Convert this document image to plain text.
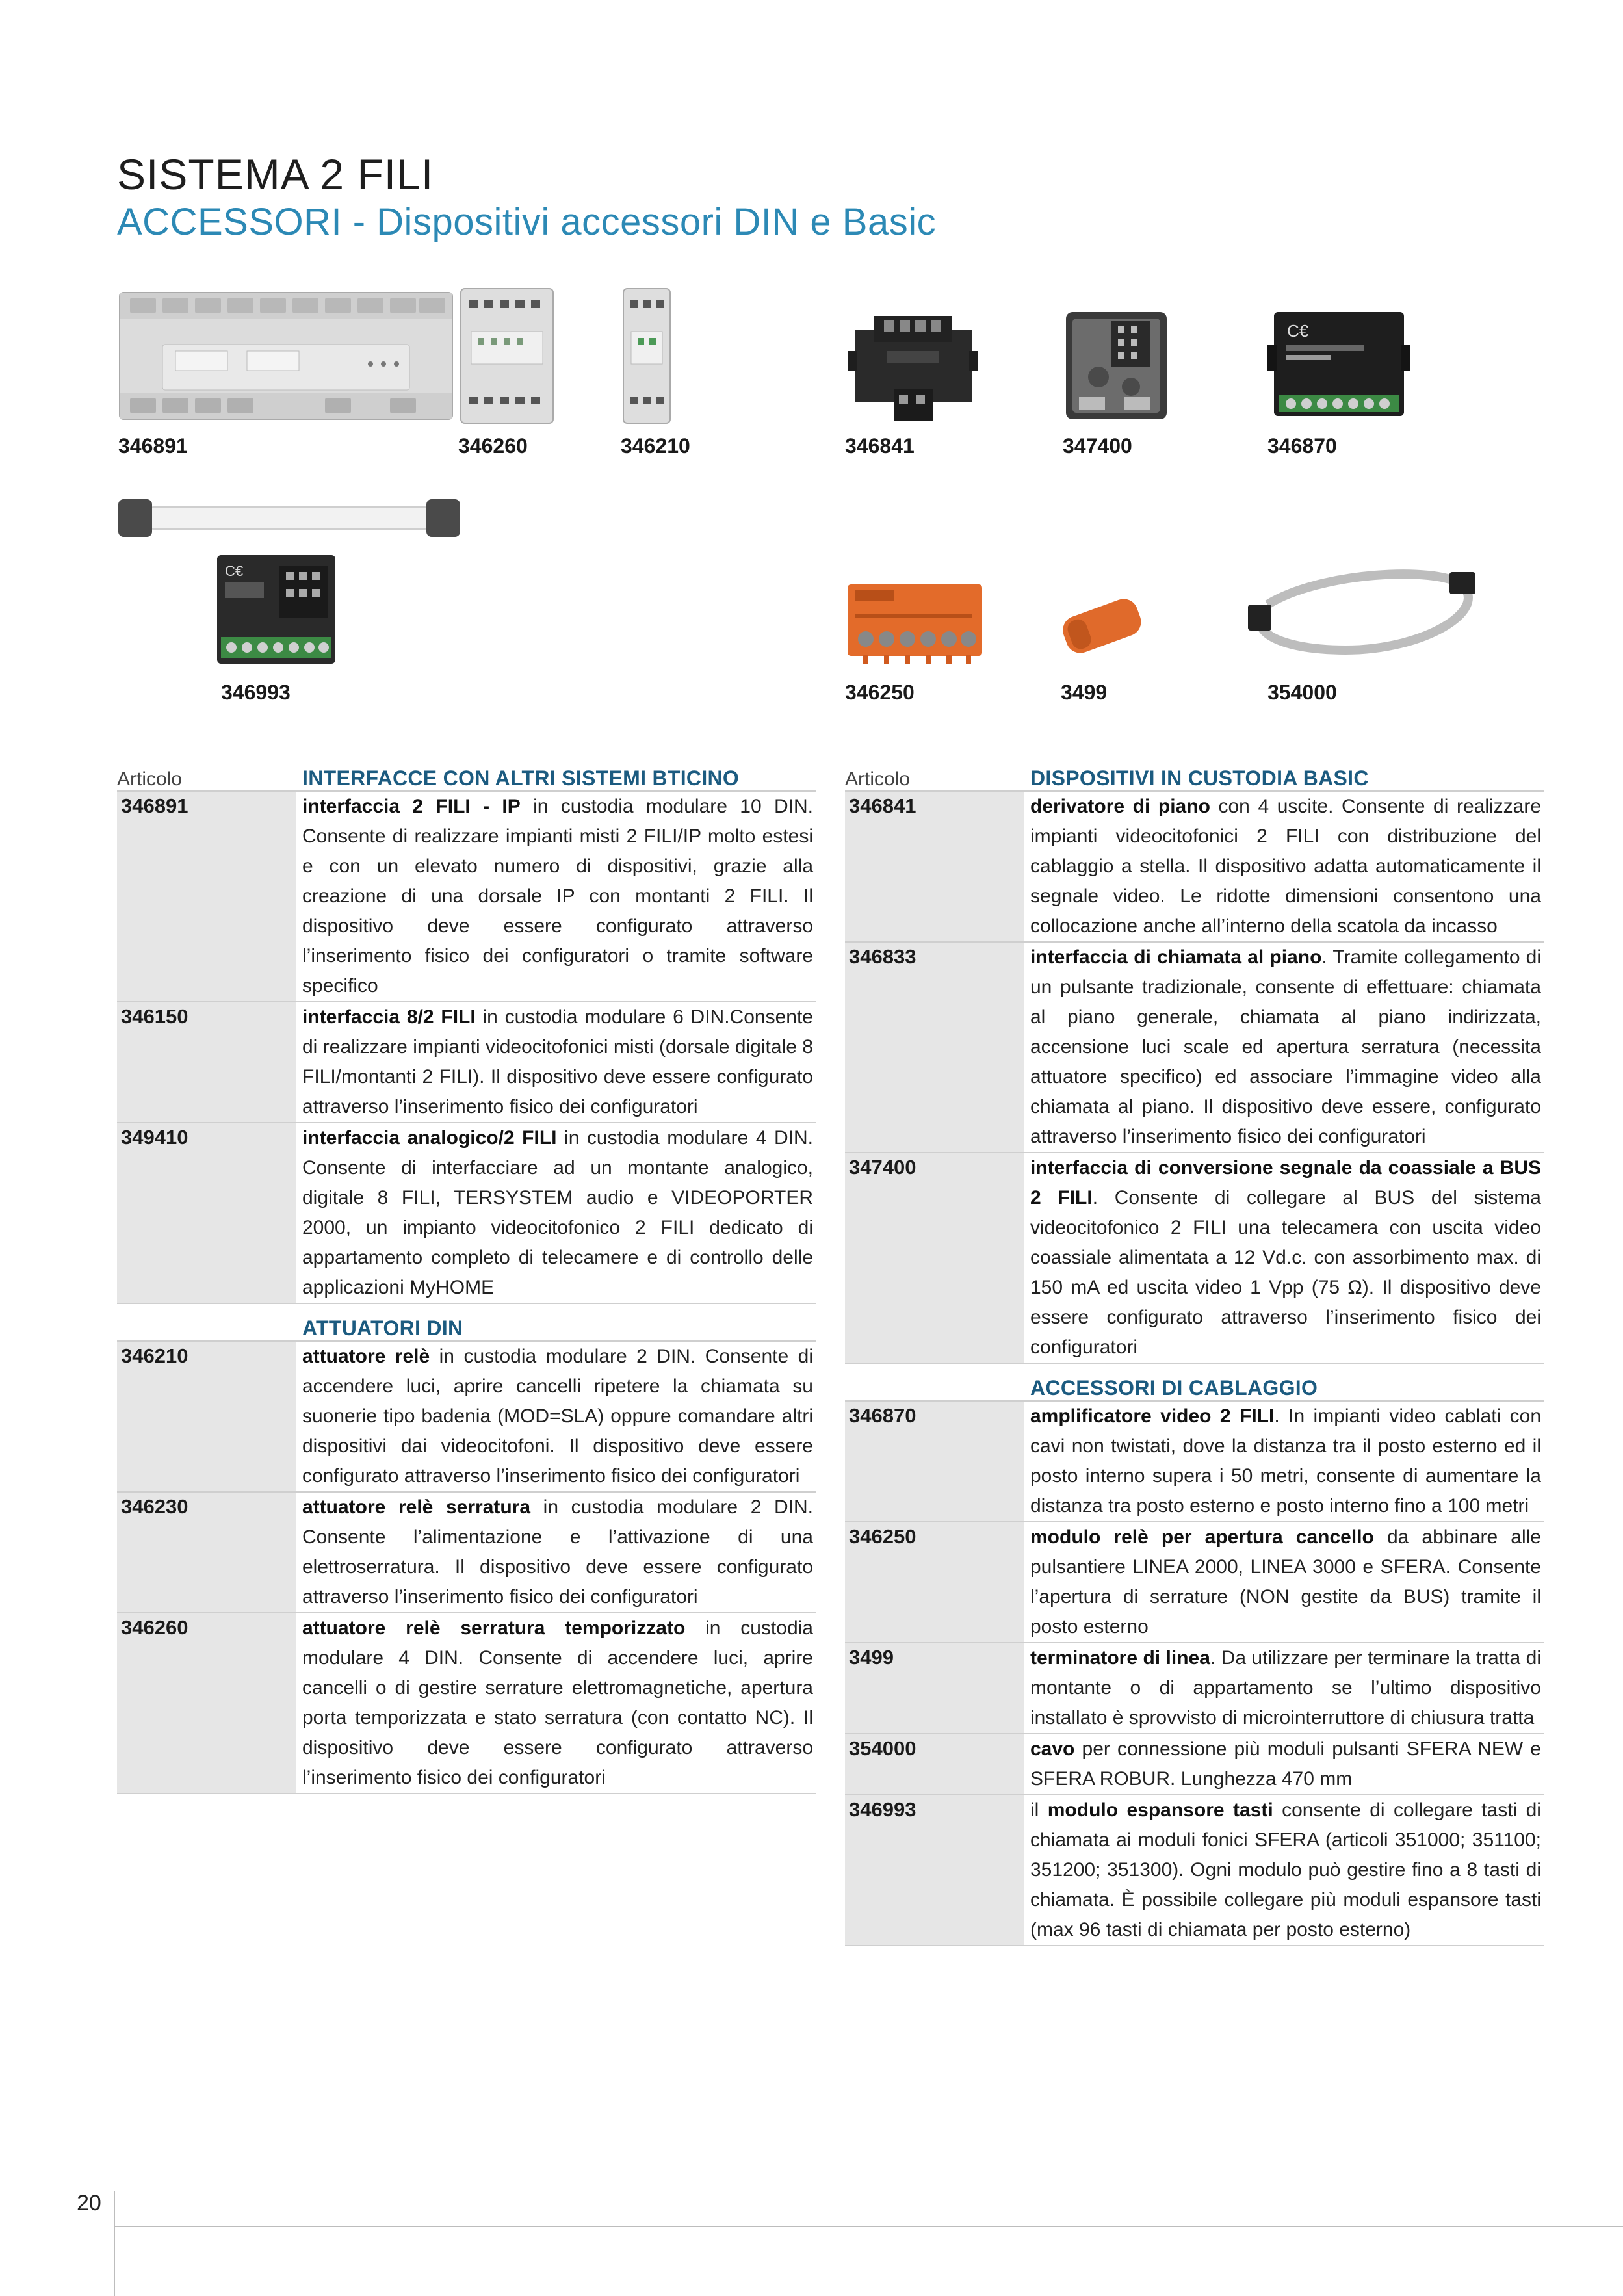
SISTEMA 2 FILI
ACCESSORI - Dispositivi accessori DIN e Basic
C€
C€
346891	346260	346210	346841	347400	346870
346993	346250	3499	354000
Articolo	INTERFACCE CON ALTRI SISTEMI BTICINO
346891	interfaccia 2 FILI - IP in custodia modulare 10 DIN. Consente di realizzare impianti misti 2 FILI/IP molto estesi e con un elevato numero di dispositivi, grazie alla creazione di una dorsale IP con montanti 2 FILI. Il dispositivo deve essere configurato attraverso l’inserimento fisico dei configuratori o tramite software specifico
346150	interfaccia 8/2 FILI in custodia modulare 6 DIN.Consente di realizzare impianti videocitofonici misti (dorsale digitale 8 FILI/montanti 2 FILI). Il dispositivo deve essere configurato attraverso l’inserimento fisico dei configuratori
349410	interfaccia analogico/2 FILI in custodia modulare 4 DIN. Consente di interfacciare ad un montante analogico, digitale 8 FILI, TERSYSTEM audio e VIDEOPORTER 2000, un impianto videocitofonico 2 FILI dedicato di appartamento completo di telecamere e di controllo delle applicazioni MyHOME
ATTUATORI DIN
346210	attuatore relè in custodia modulare 2 DIN. Consente di accendere luci, aprire cancelli ripetere la chiamata su suonerie tipo badenia (MOD=SLA) oppure comandare altri dispositivi dai videocitofoni. Il dispositivo deve essere configurato attraverso l’inserimento fisico dei configuratori
346230	attuatore relè serratura in custodia modulare 2 DIN. Consente l’alimentazione e l’attivazione di una elettroserratura. Il dispositivo deve essere configurato attraverso l’inserimento fisico dei configuratori
346260	attuatore relè serratura temporizzato in custodia modulare 4 DIN. Consente di accendere luci, aprire cancelli o di gestire serrature elettromagnetiche, apertura porta temporizzata e stato serratura (con contatto NC). Il dispositivo deve essere configurato attraverso l’inserimento fisico dei configuratori
Articolo	DISPOSITIVI IN CUSTODIA BASIC
346841	derivatore di piano con 4 uscite. Consente di realizzare impianti videocitofonici 2 FILI con distribuzione del cablaggio a stella. Il dispositivo adatta automaticamente il segnale video. Le ridotte dimensioni consentono una collocazione anche all’interno della scatola da incasso
346833	interfaccia di chiamata al piano. Tramite collegamento di un pulsante tradizionale, consente di effettuare: chiamata al piano generale, chiamata al piano indirizzata, accensione luci scale ed apertura serratura (necessita attuatore specifico) ed associare l’immagine video alla chiamata al piano. Il dispositivo deve essere, configurato attraverso l’inserimento fisico dei configuratori
347400	interfaccia di conversione segnale da coassiale a BUS 2 FILI. Consente di collegare al BUS del sistema videocitofonico 2 FILI una telecamera con uscita video coassiale alimentata a 12 Vd.c. con assorbimento max. di 150 mA ed uscita video 1 Vpp (75 Ω). Il dispositivo deve essere configurato attraverso l’inserimento fisico dei configuratori
ACCESSORI DI CABLAGGIO
346870	amplificatore video 2 FILI. In impianti video cablati con cavi non twistati, dove la distanza tra il posto esterno ed il posto interno supera i 50 metri, consente di aumentare la distanza tra posto esterno e posto interno fino a 100 metri
346250	modulo relè per apertura cancello da abbinare alle pulsantiere LINEA 2000, LINEA 3000 e SFERA. Consente l’apertura di serrature (NON gestite da BUS) tramite il posto esterno
3499	terminatore di linea. Da utilizzare per terminare la tratta di montante o di appartamento se l’ultimo dispositivo installato è sprovvisto di microinterruttore di chiusura tratta
354000	cavo per connessione più moduli pulsanti SFERA NEW e SFERA ROBUR. Lunghezza 470 mm
346993	il modulo espansore tasti consente di collegare tasti di chiamata ai moduli fonici SFERA (articoli 351000; 351100; 351200; 351300). Ogni modulo può gestire fino a 8 tasti di chiamata. È possibile collegare più moduli espansore tasti (max 96 tasti di chiamata per posto esterno)
20
